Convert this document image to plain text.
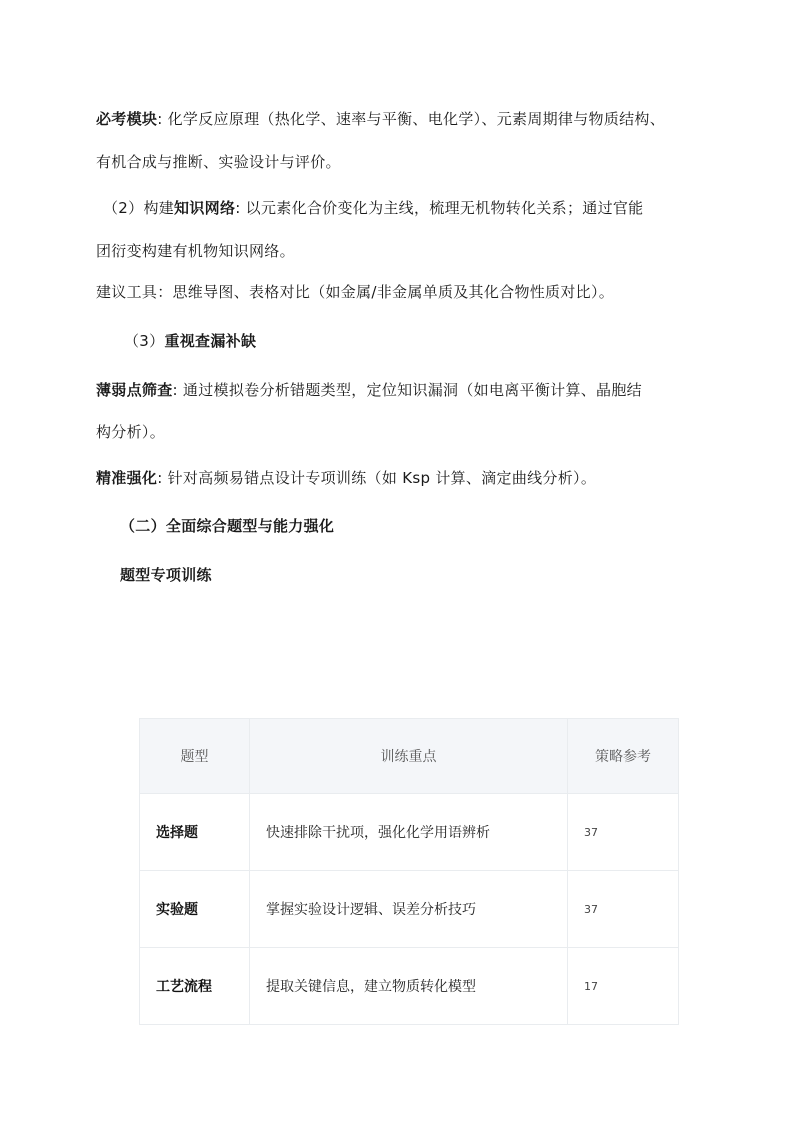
必考模块: 化学反应原理（热化学、速率与平衡、电化学）、元素周期律与物质结构、
有机合成与推断、实验设计与评价。
（2）构建知识网络: 以元素化合价变化为主线，梳理无机物转化关系；通过官能
团衍变构建有机物知识网络。
建议工具：思维导图、表格对比（如金属/非金属单质及其化合物性质对比）。
（3）重视查漏补缺
薄弱点筛查: 通过模拟卷分析错题类型，定位知识漏洞（如电离平衡计算、晶胞结
构分析）。
精准强化: 针对高频易错点设计专项训练（如 Ksp 计算、滴定曲线分析）。
（二）全面综合题型与能力强化
题型专项训练
题型	训练重点	策略参考
选择题	快速排除干扰项，强化化学用语辨析	37
实验题	掌握实验设计逻辑、误差分析技巧	37
工艺流程	提取关键信息，建立物质转化模型	17
